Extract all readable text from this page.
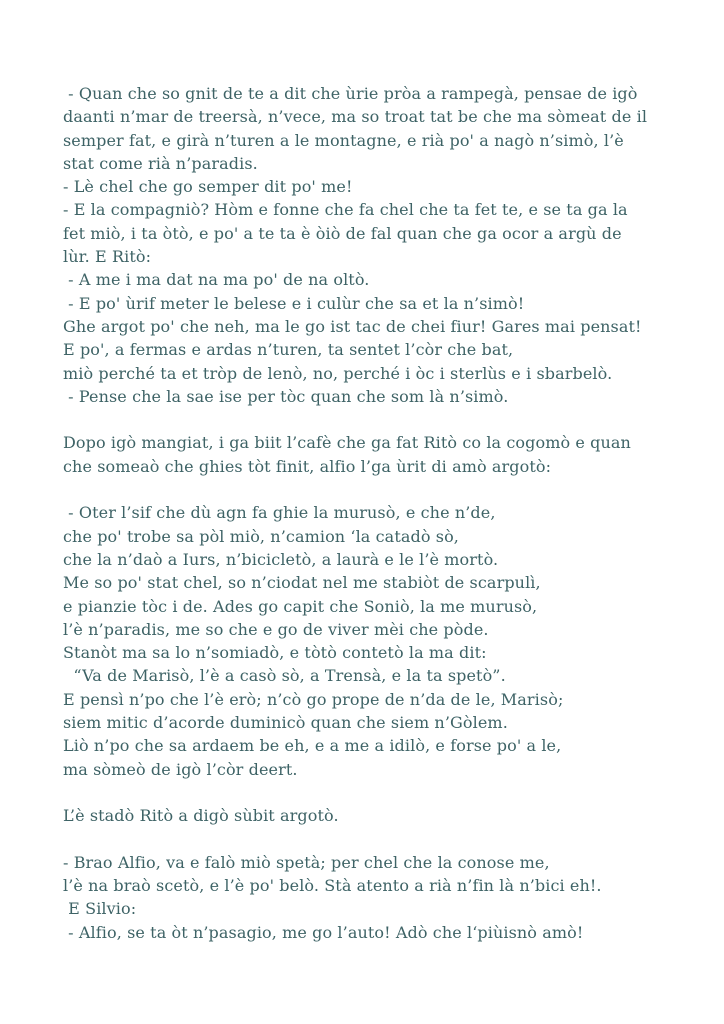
- Quan che so gnit de te a dit che ùrie pròa a rampegà, pensae de igò
daanti n’mar de treersà, n’vece, ma so troat tat be che ma sòmeat de il
semper fat, e girà n’turen a le montagne, e rià po' a nagò n’simò, l’è
stat come rià n’paradis.
- Lè chel che go semper dit po' me!
- E la compagniò? Hòm e fonne che fa chel che ta fet te, e se ta ga la
fet miò, i ta òtò, e po' a te ta è òiò de fal quan che ga ocor a argù de
lùr. E Ritò:
- A me i ma dat na ma po' de na oltò.
- E po' ùrif meter le belese e i culùr che sa et la n’simò!
Ghe argot po' che neh, ma le go ist tac de chei fiur! Gares mai pensat!
E po', a fermas e ardas n’turen, ta sentet l’còr che bat,
miò perché ta et tròp de lenò, no, perché i òc i sterlùs e i sbarbelò.
- Pense che la sae ise per tòc quan che som là n’simò.

Dopo igò mangiat, i ga biit l’cafè che ga fat Ritò co la cogomò e quan
che someaò che ghies tòt finit, alfio l’ga ùrit di amò argotò:

- Oter l’sif che dù agn fa ghie la murusò, e che n’de,
che po' trobe sa pòl miò, n’camion ‘la catadò sò,
che la n’daò a Iurs, n’bicicletò, a laurà e le l’è mortò.
Me so po' stat chel, so n’ciodat nel me stabiòt de scarpulì,
e pianzie tòc i de. Ades go capit che Soniò, la me murusò,
l’è n’paradis, me so che e go de viver mèi che pòde.
Stanòt ma sa lo n’somiadò, e tòtò contetò la ma dit:
“Va de Marisò, l’è a casò sò, a Trensà, e la ta spetò”.
E pensì n’po che l’è erò; n’cò go prope de n’da de le, Marisò;
siem mitic d’acorde duminicò quan che siem n’Gòlem.
Liò n’po che sa ardaem be eh, e a me a idilò, e forse po' a le,
ma sòmeò de igò l’còr deert.

L’è stadò Ritò a digò sùbit argotò.

- Brao Alfio, va e falò miò spetà; per chel che la conose me,
l’è na braò scetò, e l’è po' belò. Stà atento a rià n’fin là n’bici eh!.
E Silvio:
- Alfio, se ta òt n’pasagio, me go l’auto! Adò che l‘piùisnò amò!
